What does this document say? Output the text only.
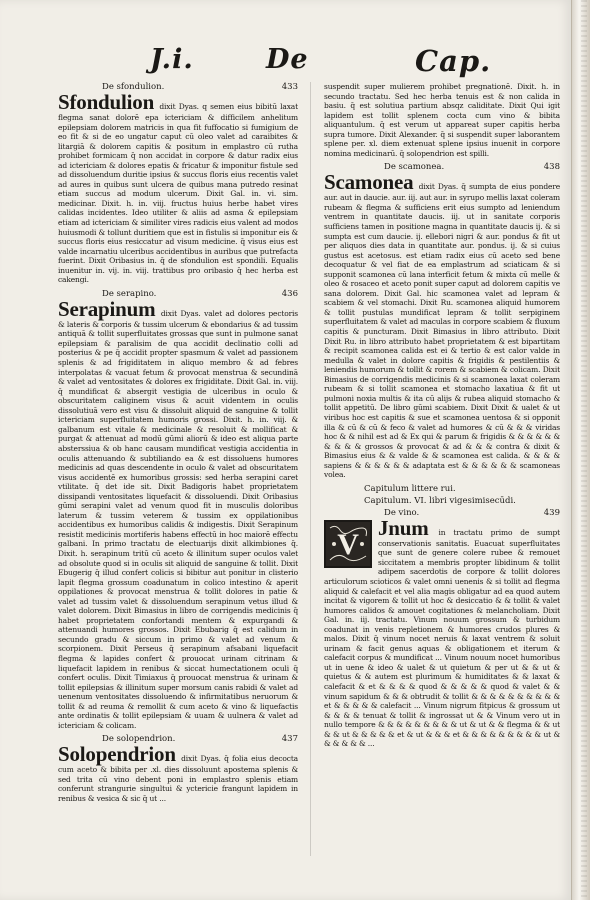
J.i.	De	Cap.
De sfondulion.	433
Sfondulion dixit Dyas. q semen eius bibitū laxat flegma sanat dolorē epa ictericiam & difficilem anhelitum epilepsiam dolorem matricis in qua fit fuffocatio si fumigium de eo fit & si de eo ungatur caput cū oleo valet ad caraibites & litargiā & dolorem capitis & positum in emplastro cū rutha prohibet formicam q̄ non accidat in corpore & datur radix eius ad ictericiam & dolores epatis & fricatur & imponitur fistule sed ad dissoluendum duritie ipsius & succus floris eius recentis valet ad aures in quibus sunt ulcera de quibus mana putredo resinat etiam succus ad modum ulcerum. Dixit Gal. in. vi. sim. medicinar. Dixit. h. in. viij. fructus huius herbe habet vires calidas incidentes. Ideo utiliter & aliis ad asma & epilepsiam etiam ad ictericiam & similiter vires radicis eius valent ad modos huiusmodi & tollunt duritiem que est in fistulis si imponitur eis & succus floris eius resiccatur ad visum medicine. q̄ visus eius est valde incarnatiu ulceribus accidentibus in auribus que putrefacta fuerint. Dixit Oribasius in. q̄ de sfondulion est spondili. Equalis inuenitur in. vij. in. viij. trattibus pro oribasio q̄ hec herba est cakengi.
De serapino.	436
Serapinum dixit Dyas. valet ad dolores pectoris & lateris & corporis & tussim ulcerum & ebondarius & ad tussim antiquā & tollit superfluitates grossas que sunt in pulmone sanat epilepsiam & paralisim de qua accidit declinatio colli ad posterius & pe q̄ accidit propter spasmum & valet ad passionem splenis & ad frigiditatem in aliquo membro & ad febres interpolatas & vacuat fetum & provocat menstrua & secundinā & valet ad ventositates & dolores ex frigiditate. Dixit Gal. in. viij. q̄ mundificat & absergit vestigia de ulceribus in oculo & obscuritatem caliginem visus & acuit videntem in oculis dissolutiuā vero est visu & dissoluit aliquid de sanguine & tollit ictericiam superfluitatem humoris grossi. Dixit. h. in. viij. & galbanum est vitale & medicinale & resoluit & mollificat & purgat & attenuat ad modū gūmi aliorū & ideo est aliqua parte absterssiua & ob hanc causam mundificat vestigia accidentia in oculis attenuando & subtiliando ea & est dissoluens humores medicinis ad quas descendente in oculo & valet ad obscuritatem visus accidentē ex humoribus grossis: sed herba serapini caret vtilitate. q̄ det ide sit. Dixit Badigoris habet proprietatem dissipandi ventositates liquefacit & dissoluendi. Dixit Oribasius gūmi serapini valet ad venum quod fit in musculis doloribus laterum & tussim veterem & tussim ex oppilationibus accidentibus ex humoribus calidis & indigestis. Dixit Serapinum resistit medicinis mortiferis habens effectū in hoc maiorē effectu galbani. In primo tractatu de electuarijs dixit alkimbiones q̄. Dixit. h. serapinum tritū cū aceto & illinitum super oculos valet ad obsolute quod si in oculis sit aliquid de sanguine & tollit. Dixit Ebugerig q̄ illud confert colicis si bibitur aut ponitur in clisterio lapit flegma grossum coadunatum in colico intestino & aperit oppilationes & provocat menstrua & tollit dolores in patie & valet ad tussim valet & dissoluendum serapinum vetus illud & valet dolorem. Dixit Bimasius in libro de corrigendis medicinis q̄ habet proprietatem confortandi mentem & expurgandi & attenuandi humores grossos. Dixit Ebubarig q̄ est calidum in secundo gradu & siccum in primo & valet ad venum & scorpionem. Dixit Perseus q̄ serapinum afsabani liquefacit flegma & lapides confert & prouocat urinam citrinam & liquefacit lapidem in renibus & siccat humectationem oculi q̄ confert oculis. Dixit Timiaxus q̄ prouocat menstrua & urinam & tollit epilepsias & illinitum super morsum canis rabidi & valet ad uenenum ventositates dissoluendo & infirmitatibus neruorum & tollit & ad reuma & remollit & cum aceto & vino & liquefactis ante ordinatis & tollit epilepsiam & uuam & uulnera & valet ad ictericiam & colicam.
De solopendrion.	437
Solopendrion dixit Dyas. q̄ folia eius decocta cum aceto & bibita per .xl. dies dissoluunt apostema splenis & sed trita cū vino debent poni in emplastro splenis etiam conferunt strangurie singultui & yctericie frangunt lapidem in renibus & vesica & sic q̄ ut ...
suspendit super mulierem prohibet pregnationē. Dixit. h. in secundo tractatu. Sed hec herba tenuis est & non calida in basiu. q̄ est solutiua partium absqz caliditate. Dixit Qui igit lapidem est tollit splenem cocta cum vino & bibita aliquantulum. q̄ est verum ut appareat super capitis herba supra tumore. Dixit Alexander. q̄ si suspendit super laborantem splene per. xl. diem extenuat splene ipsius inuenit in corpore nomina medicinarū. q̄ solopendrion est spilli.
De scamonea.	438
Scamonea dixit Dyas. q̄ sumpta de eius pondere aur. aut in daucie. aur. iij. aut aur. in syrupo mellis laxat coleram rubeam & flegma & sufficiens erit eius sumpto ad leniendum ventrem in quantitate daucis. iij. ut in sanitate corporis sufficiens tamen in positione magna in quantitate daucis ij. & si sumpta est cum daucie. ij. ellebori nigri & aur. pondus & fit ut per aliquos dies data in quantitate aur. pondus. ij. & si cuius gustus est acetosus. est etiam radix eius cū aceto sed bene decoquatur & vel fiat de ea emplastrum ad sciaticam & si supponit scamonea cū lana interficit fetum & mixta cū melle & oleo & rosaceo et aceto ponit super caput ad dolorem capitis ve sana dolorem. Dixit Gal. hic scamonea valet ad lepram & scabiem & vel stomachi. Dixit Ru. scamonea aliquid humorem & tollit pustulas mundificat lepram & tollit serpiginem superfluitatem & valet ad maculas in corpore scabiem & fluxum capitis & puncturam. Dixit Bimasius in libro attributo. Dixit Dixit Ru. in libro attributo habet proprietatem & est bipartitam & recipit scamonea calida est ei & tertio & est calor valde in medulla & valet in dolore capitis & frigidis & pestilentiis & leniendis humorum & tollit & rorem & scabiem & colicam. Dixit Bimasius de corrigendis medicinis & si scamonea laxat coleram rubeam & si tollit scamonea et stomacho laxatiua & fit ut pulmoni noxia multis & ita cū alijs & rubea aliquid stomacho & tollit appetitū. De libro gūmi scabiem. Dixit Dixit & ualet & ut viribus hoc est capitis & sue et scamonea uentosa & si opponit illa & cū & cū & feco & valet ad humores & cū & & & viridas hoc & & nihil est ad & Ex qui & parum & frigidis & & & & & & & & & & grossos & provocat & ad & & & contra & dixit & Bimasius eius & & valde & & scamonea est calida. & & & & sapiens & & & & & & adaptata est & & & & & & scamoneas volea.
Capitulum littere rui.
Capitulum. VI. libri vigesimisecūdi.
De vino.	439
V Jnum in tractatu primo de sumpt conservationis sanitatis. Euacuat superfluitates que sunt de genere colere rubee & remouet siccitatem a membris propter libidinum & tollit adipem sacerdotis de corpore & tollit dolores articulorum scioticos & valet omni uenenis & si tollit ad flegma aliquid & calefacit et vel alia magis obligatur ad ea quod autem incitat & vigorem & tollit ut hoc & desiccatio & & tollit & valet humores calidos & amouet cogitationes & melancholiam. Dixit Gal. in. iij. tractatu. Vinum nouum grossum & turbidum coadunat in venis repletionem & humores crudos plures & malos. Dixit q̄ vinum nocet neruis & laxat ventrem & soluit urinam & facit genus aquas & obligationem et iterum & calefacit corpus & mundificat ... Vinum nouum nocet humoribus ut in uene & ideo & ualet & ut quietum & per ut & & ut & quietus & & autem est plurimum & humiditates & & laxat & calefacit & et & & & & quod & & & & & quod & valet & & vinum sapidum & & & obtrudit & tollit & & & & & & & & & & et & & & & & calefacit ... Vinum nigrum fitpicus & grossum ut & & & & tenuat & tollit & ingrossat ut & & Vinum vero ut in nullo tempore & & & & & & & & & ut & ut & & flegma & & ut & & ut & & & & & et & ut & & & et & & & & & & & & & ut & & & & & & ...
